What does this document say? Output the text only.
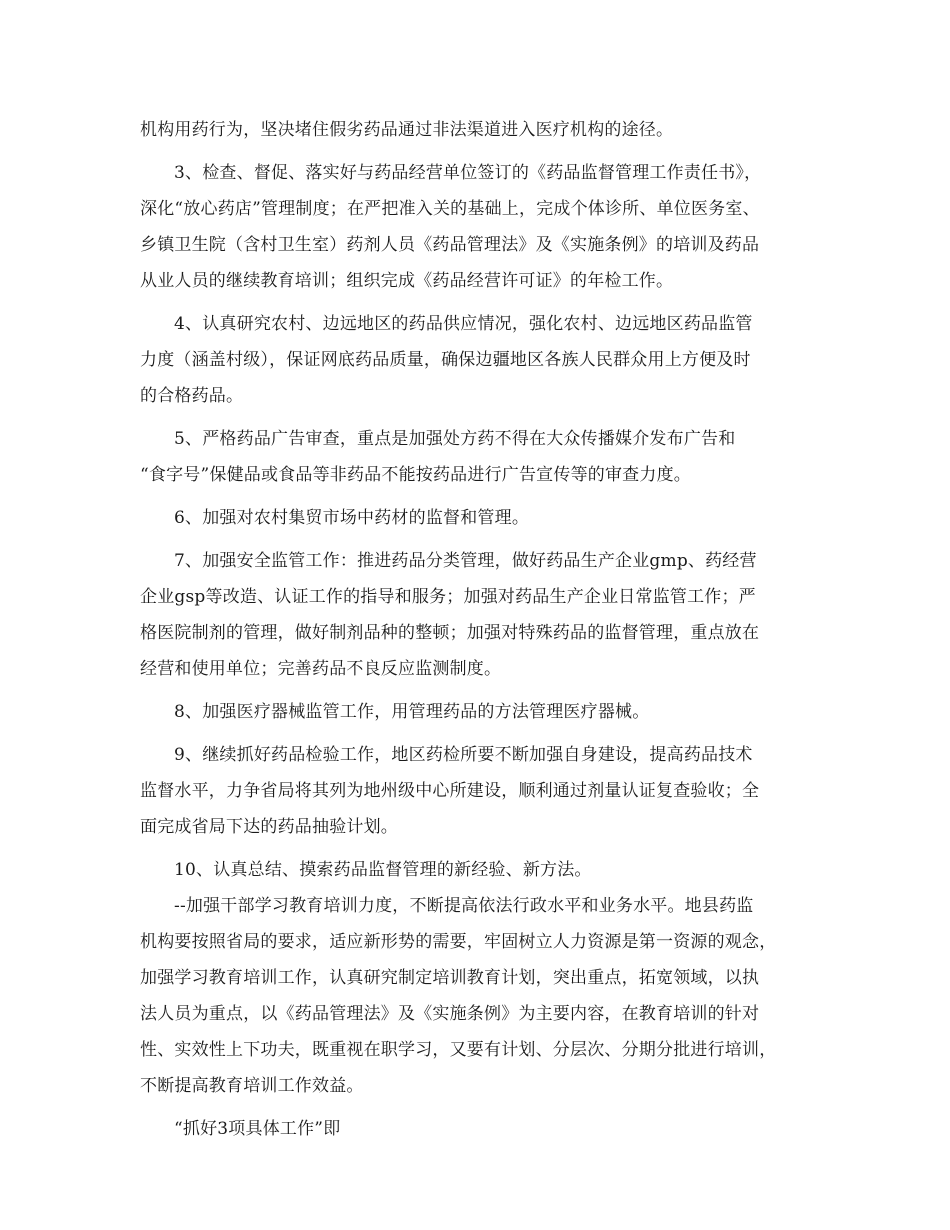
机构用药行为，坚决堵住假劣药品通过非法渠道进入医疗机构的途径。
3、检查、督促、落实好与药品经营单位签订的《药品监督管理工作责任书》，
深化“放心药店”管理制度；在严把准入关的基础上，完成个体诊所、单位医务室、
乡镇卫生院（含村卫生室）药剂人员《药品管理法》及《实施条例》的培训及药品
从业人员的继续教育培训；组织完成《药品经营许可证》的年检工作。
4、认真研究农村、边远地区的药品供应情况，强化农村、边远地区药品监管
力度（涵盖村级），保证网底药品质量，确保边疆地区各族人民群众用上方便及时
的合格药品。
5、严格药品广告审查，重点是加强处方药不得在大众传播媒介发布广告和
“食字号”保健品或食品等非药品不能按药品进行广告宣传等的审查力度。
6、加强对农村集贸市场中药材的监督和管理。
7、加强安全监管工作：推进药品分类管理，做好药品生产企业gmp、药经营
企业gsp等改造、认证工作的指导和服务；加强对药品生产企业日常监管工作；严
格医院制剂的管理，做好制剂品种的整顿；加强对特殊药品的监督管理，重点放在
经营和使用单位；完善药品不良反应监测制度。
8、加强医疗器械监管工作，用管理药品的方法管理医疗器械。
9、继续抓好药品检验工作，地区药检所要不断加强自身建设，提高药品技术
监督水平，力争省局将其列为地州级中心所建设，顺利通过剂量认证复查验收；全
面完成省局下达的药品抽验计划。
10、认真总结、摸索药品监督管理的新经验、新方法。
--加强干部学习教育培训力度，不断提高依法行政水平和业务水平。地县药监
机构要按照省局的要求，适应新形势的需要，牢固树立人力资源是第一资源的观念，
加强学习教育培训工作，认真研究制定培训教育计划，突出重点，拓宽领域，以执
法人员为重点，以《药品管理法》及《实施条例》为主要内容，在教育培训的针对
性、实效性上下功夫，既重视在职学习，又要有计划、分层次、分期分批进行培训，
不断提高教育培训工作效益。
“抓好3项具体工作”即
